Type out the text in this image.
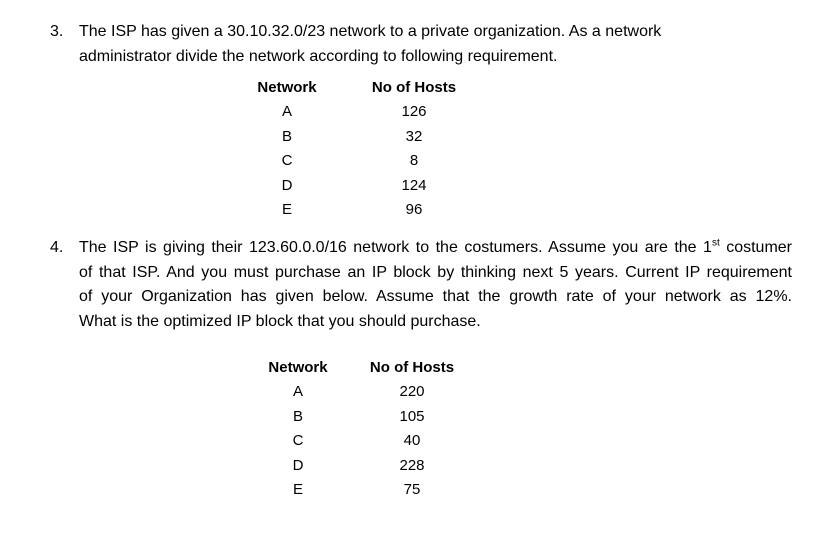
3. The ISP has given a 30.10.32.0/23 network to a private organization. As a network
administrator divide the network according to following requirement.
Network
A
B
C
D
E
No of Hosts
126
32
8
124
96
4. The ISP is giving their 123.60.0.0/16 network to the costumers. Assume you are the 1st costumer
of that ISP. And you must purchase an IP block by thinking next 5 years. Current IP requirement
of your Organization has given below. Assume that the growth rate of your network as 12%.
What is the optimized IP block that you should purchase.
Network
A
B
C
D
E
No of Hosts
220
105
40
228
75
